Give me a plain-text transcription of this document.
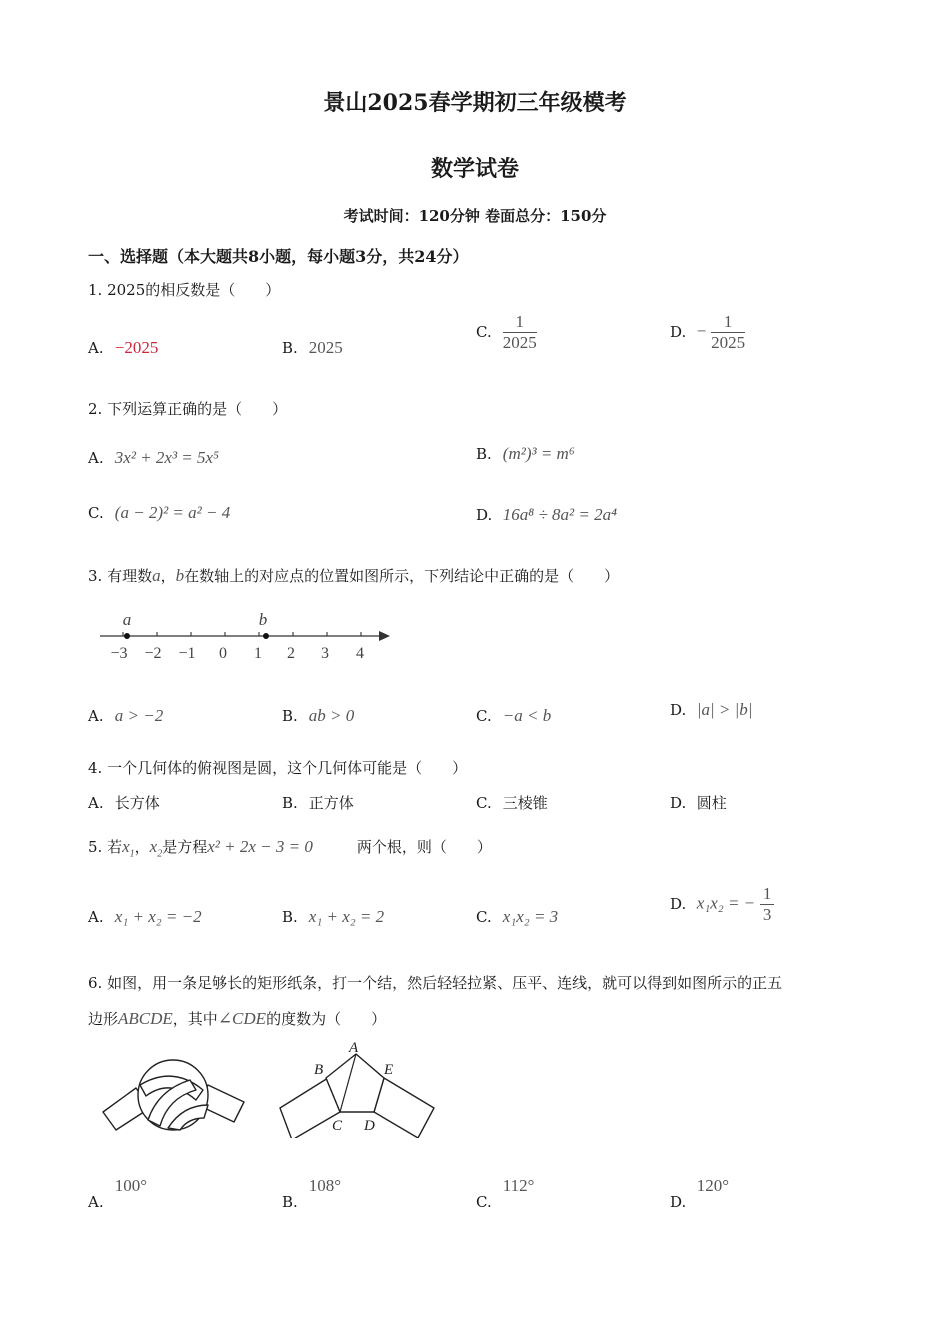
景山2025春学期初三年级模考
数学试卷
考试时间：120分钟 卷面总分：150分
一、选择题（本大题共8小题，每小题3分，共24分）
1. 2025的相反数是（　　）
A. −2025	B. 2025
C. $\frac{1}{2025}$	D. − $\frac{1}{2025}$
2. 下列运算正确的是（　　）
A. 3x² + 2x³ = 5x⁵	B. (m²)³ = m⁶
C. (a − 2)² = a² − 4	D. 16a⁸ ÷ 8a² = 2a⁴
3. 有理数a，b在数轴上的对应点的位置如图所示，下列结论中正确的是（　　）
−3 −2 −1 0 1 2 3 4
a	b
A. a > −2	B. ab > 0	C. −a < b	D. |a| > |b|
4. 一个几何体的俯视图是圆，这个几何体可能是（　　）
A. 长方体	B. 正方体	C. 三棱锥	D. 圆柱
5. 若$x_1$，$x_2$是方程x² + 2x − 3 = 0	两个根，则（　　）
A. x₁ + x₂ = −2	B. x₁ + x₂ = 2	C. x₁x₂ = 3
D. x₁x₂ = − $\frac{1}{3}$
6. 如图，用一条足够长的矩形纸条，打一个结，然后轻轻拉紧、压平、连线，就可以得到如图所示的正五
边形ABCDE，其中∠CDE的度数为（　　）
A
B
C D
E
A. 100°
B. 108°
C. 112°
D. 120°
